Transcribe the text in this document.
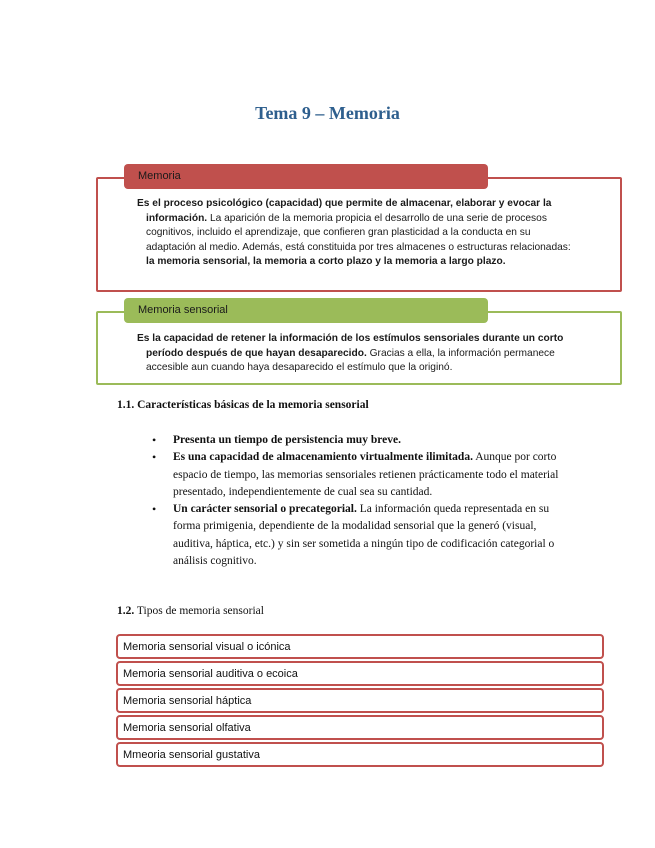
Tema 9 – Memoria
Memoria
Es el proceso psicológico (capacidad) que permite de almacenar, elaborar y evocar la información. La aparición de la memoria propicia el desarrollo de una serie de procesos cognitivos, incluido el aprendizaje, que confieren gran plasticidad a la conducta en su adaptación al medio. Además, está constituida por tres almacenes o estructuras relacionadas: la memoria sensorial, la memoria a corto plazo y la memoria a largo plazo.
Memoria sensorial
Es la capacidad de retener la información de los estímulos sensoriales durante un corto período después de que hayan desaparecido. Gracias a ella, la información permanece accesible aun cuando haya desaparecido el estímulo que la originó.
1.1. Características básicas de la memoria sensorial
• Presenta un tiempo de persistencia muy breve.
• Es una capacidad de almacenamiento virtualmente ilimitada. Aunque por corto espacio de tiempo, las memorias sensoriales retienen prácticamente todo el material presentado, independientemente de cual sea su cantidad.
• Un carácter sensorial o precategorial. La información queda representada en su forma primigenia, dependiente de la modalidad sensorial que la generó (visual, auditiva, háptica, etc.) y sin ser sometida a ningún tipo de codificación categorial o análisis cognitivo.
1.2. Tipos de memoria sensorial
Memoria sensorial visual o icónica
Memoria sensorial auditiva o ecoica
Memoria sensorial háptica
Memoria sensorial olfativa
Mmeoria sensorial gustativa
